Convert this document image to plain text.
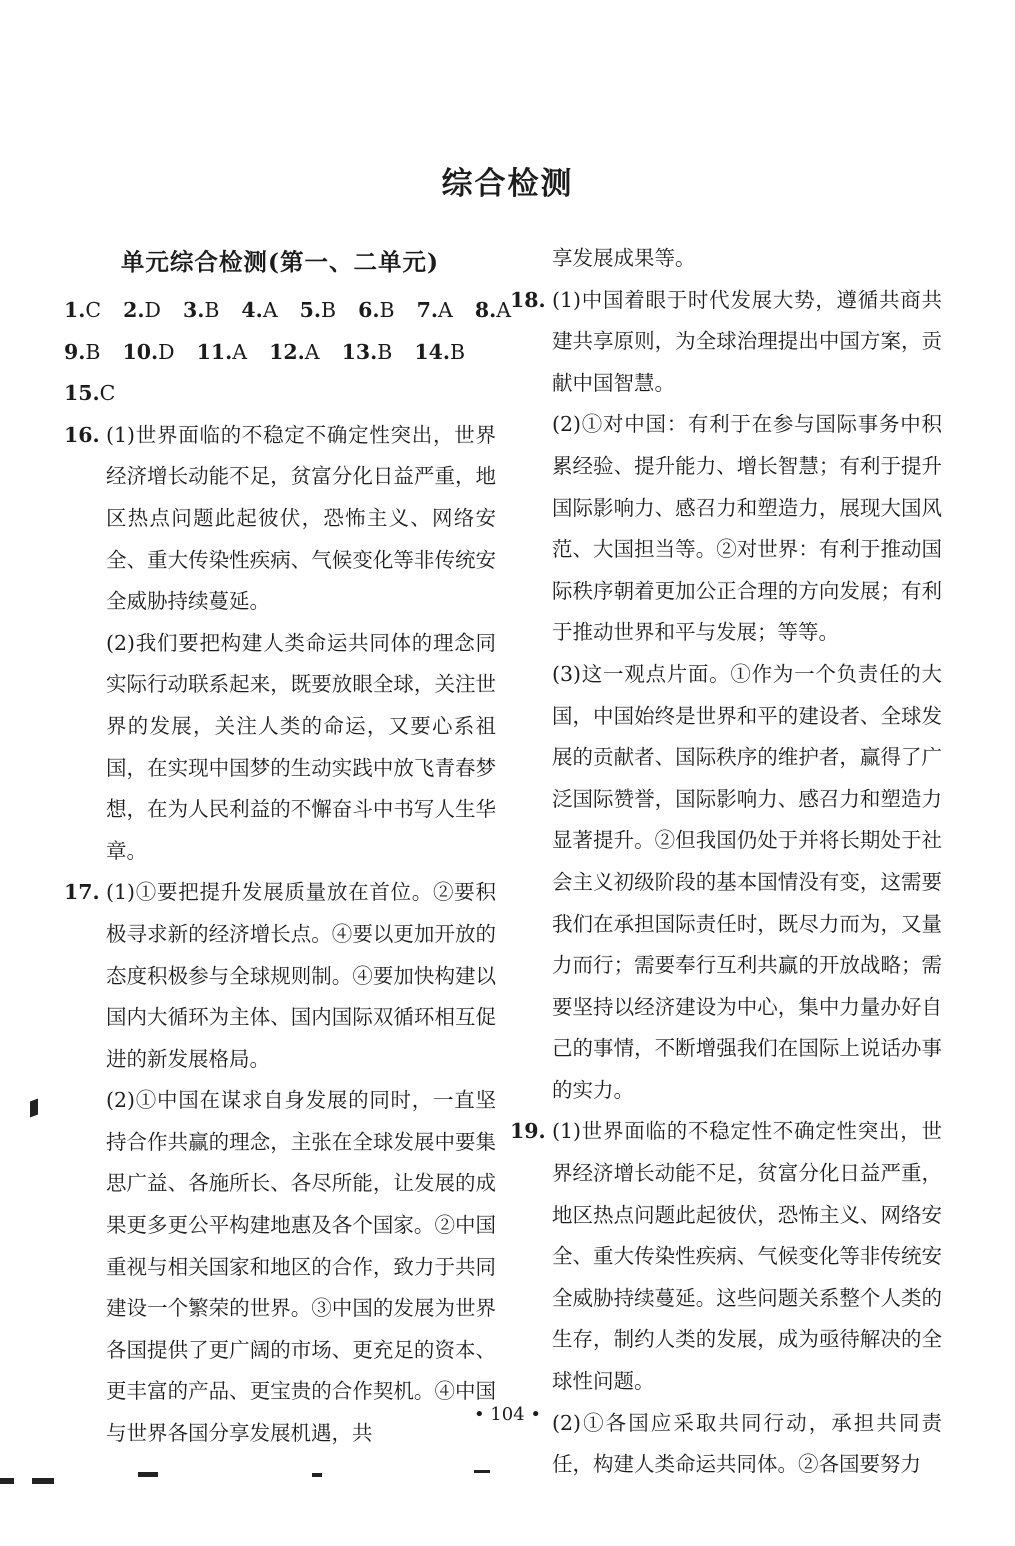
综合检测
单元综合检测(第一、二单元)
1.C 2.D 3.B 4.A 5.B 6.B 7.A 8.A
9.B 10.D 11.A 12.A 13.B 14.B
15.C
16. (1)世界面临的不稳定不确定性突出，世界经济增长动能不足，贫富分化日益严重，地区热点问题此起彼伏，恐怖主义、网络安全、重大传染性疾病、气候变化等非传统安全威胁持续蔓延。

(2)我们要把构建人类命运共同体的理念同实际行动联系起来，既要放眼全球，关注世界的发展，关注人类的命运，又要心系祖国，在实现中国梦的生动实践中放飞青春梦想，在为人民利益的不懈奋斗中书写人生华章。

17. (1)①要把提升发展质量放在首位。②要积极寻求新的经济增长点。④要以更加开放的态度积极参与全球规则制。④要加快构建以国内大循环为主体、国内国际双循环相互促进的新发展格局。

(2)①中国在谋求自身发展的同时，一直坚持合作共赢的理念，主张在全球发展中要集思广益、各施所长、各尽所能，让发展的成果更多更公平构建地惠及各个国家。②中国重视与相关国家和地区的合作，致力于共同建设一个繁荣的世界。③中国的发展为世界各国提供了更广阔的市场、更充足的资本、更丰富的产品、更宝贵的合作契机。④中国与世界各国分享发展机遇，共

享发展成果等。

18. (1)中国着眼于时代发展大势，遵循共商共建共享原则，为全球治理提出中国方案，贡献中国智慧。

(2)①对中国：有利于在参与国际事务中积累经验、提升能力、增长智慧；有利于提升国际影响力、感召力和塑造力，展现大国风范、大国担当等。②对世界：有利于推动国际秩序朝着更加公正合理的方向发展；有利于推动世界和平与发展；等等。

(3)这一观点片面。①作为一个负责任的大国，中国始终是世界和平的建设者、全球发展的贡献者、国际秩序的维护者，赢得了广泛国际赞誉，国际影响力、感召力和塑造力显著提升。②但我国仍处于并将长期处于社会主义初级阶段的基本国情没有变，这需要我们在承担国际责任时，既尽力而为，又量力而行；需要奉行互利共赢的开放战略；需要坚持以经济建设为中心，集中力量办好自己的事情，不断增强我们在国际上说话办事的实力。

19. (1)世界面临的不稳定性不确定性突出，世界经济增长动能不足，贫富分化日益严重，地区热点问题此起彼伏，恐怖主义、网络安全、重大传染性疾病、气候变化等非传统安全威胁持续蔓延。这些问题关系整个人类的生存，制约人类的发展，成为亟待解决的全球性问题。

(2)①各国应采取共同行动，承担共同责任，构建人类命运共同体。②各国要努力

• 104 •
